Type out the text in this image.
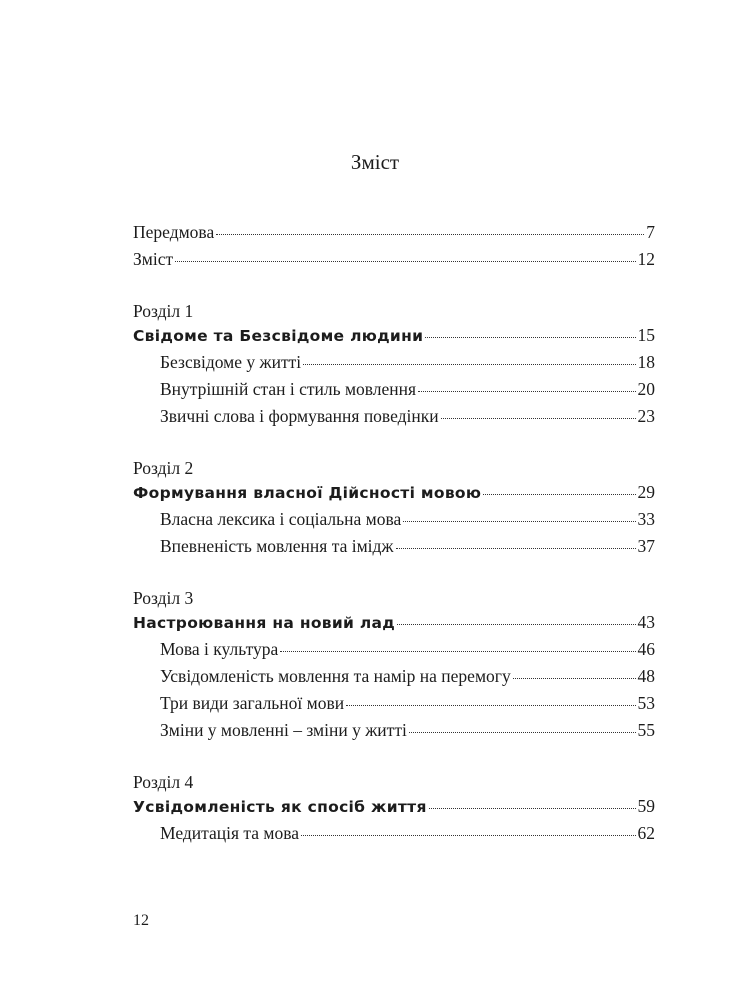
Зміст
Передмова	7
Зміст	12
Розділ 1
Свідоме та Безсвідоме людини	15
Безсвідоме у житті	18
Внутрішній стан і стиль мовлення	20
Звичні слова і формування поведінки	23
Розділ 2
Формування власної Дійсності мовою	29
Власна лексика і соціальна мова	33
Впевненість мовлення та імідж	37
Розділ 3
Настроювання на новий лад	43
Мова і культура	46
Усвідомленість мовлення та намір на перемогу	48
Три види загальної мови	53
Зміни у мовленні – зміни у житті	55
Розділ 4
Усвідомленість як спосіб життя	59
Медитація та мова	62
12
